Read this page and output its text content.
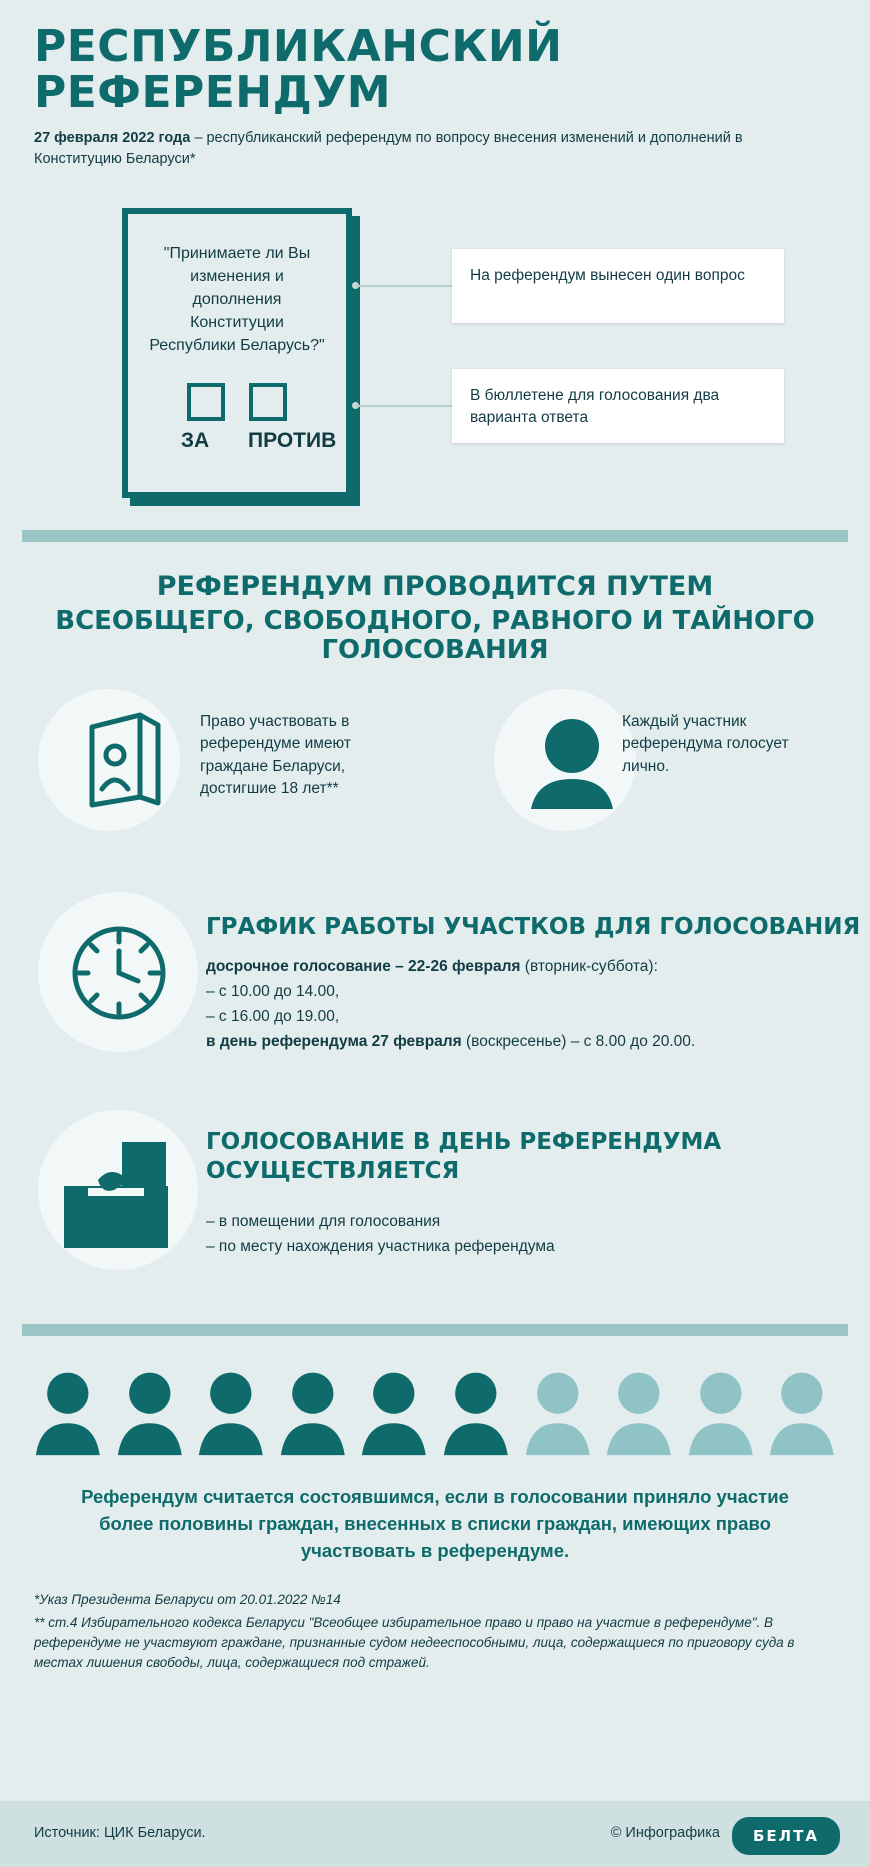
РЕСПУБЛИКАНСКИЙ РЕФЕРЕНДУМ
27 февраля 2022 года – республиканский референдум по вопросу внесения изменений и дополнений в Конституцию Беларуси*
"Принимаете ли Вы изменения и дополнения Конституции Республики Беларусь?"
ЗА	ПРОТИВ
На референдум вынесен один вопрос
В бюллетене для голосования два варианта ответа
РЕФЕРЕНДУМ ПРОВОДИТСЯ ПУТЕМ
ВСЕОБЩЕГО, СВОБОДНОГО, РАВНОГО И ТАЙНОГО ГОЛОСОВАНИЯ
Право участвовать в референдуме имеют граждане Беларуси, достигшие 18 лет**
Каждый участник референдума голосует лично.
ГРАФИК РАБОТЫ УЧАСТКОВ ДЛЯ ГОЛОСОВАНИЯ
досрочное голосование – 22-26 февраля (вторник-суббота):
– с 10.00 до 14.00,
– с 16.00 до 19.00,
в день референдума 27 февраля (воскресенье) – с 8.00 до 20.00.
ГОЛОСОВАНИЕ В ДЕНЬ РЕФЕРЕНДУМА ОСУЩЕСТВЛЯЕТСЯ
– в помещении для голосования
– по месту нахождения участника референдума
Референдум считается состоявшимся, если в голосовании приняло участие более половины граждан, внесенных в списки граждан, имеющих право участвовать в референдуме.
*Указ Президента Беларуси от 20.01.2022 №14
** ст.4 Избирательного кодекса Беларуси "Всеобщее избирательное право и право на участие в референдуме". В референдуме не участвуют граждане, признанные судом недееспособными, лица, содержащиеся по приговору суда в местах лишения свободы, лица, содержащиеся под стражей.
Источник: ЦИК Беларуси.	© Инфографика	БЕЛТА
